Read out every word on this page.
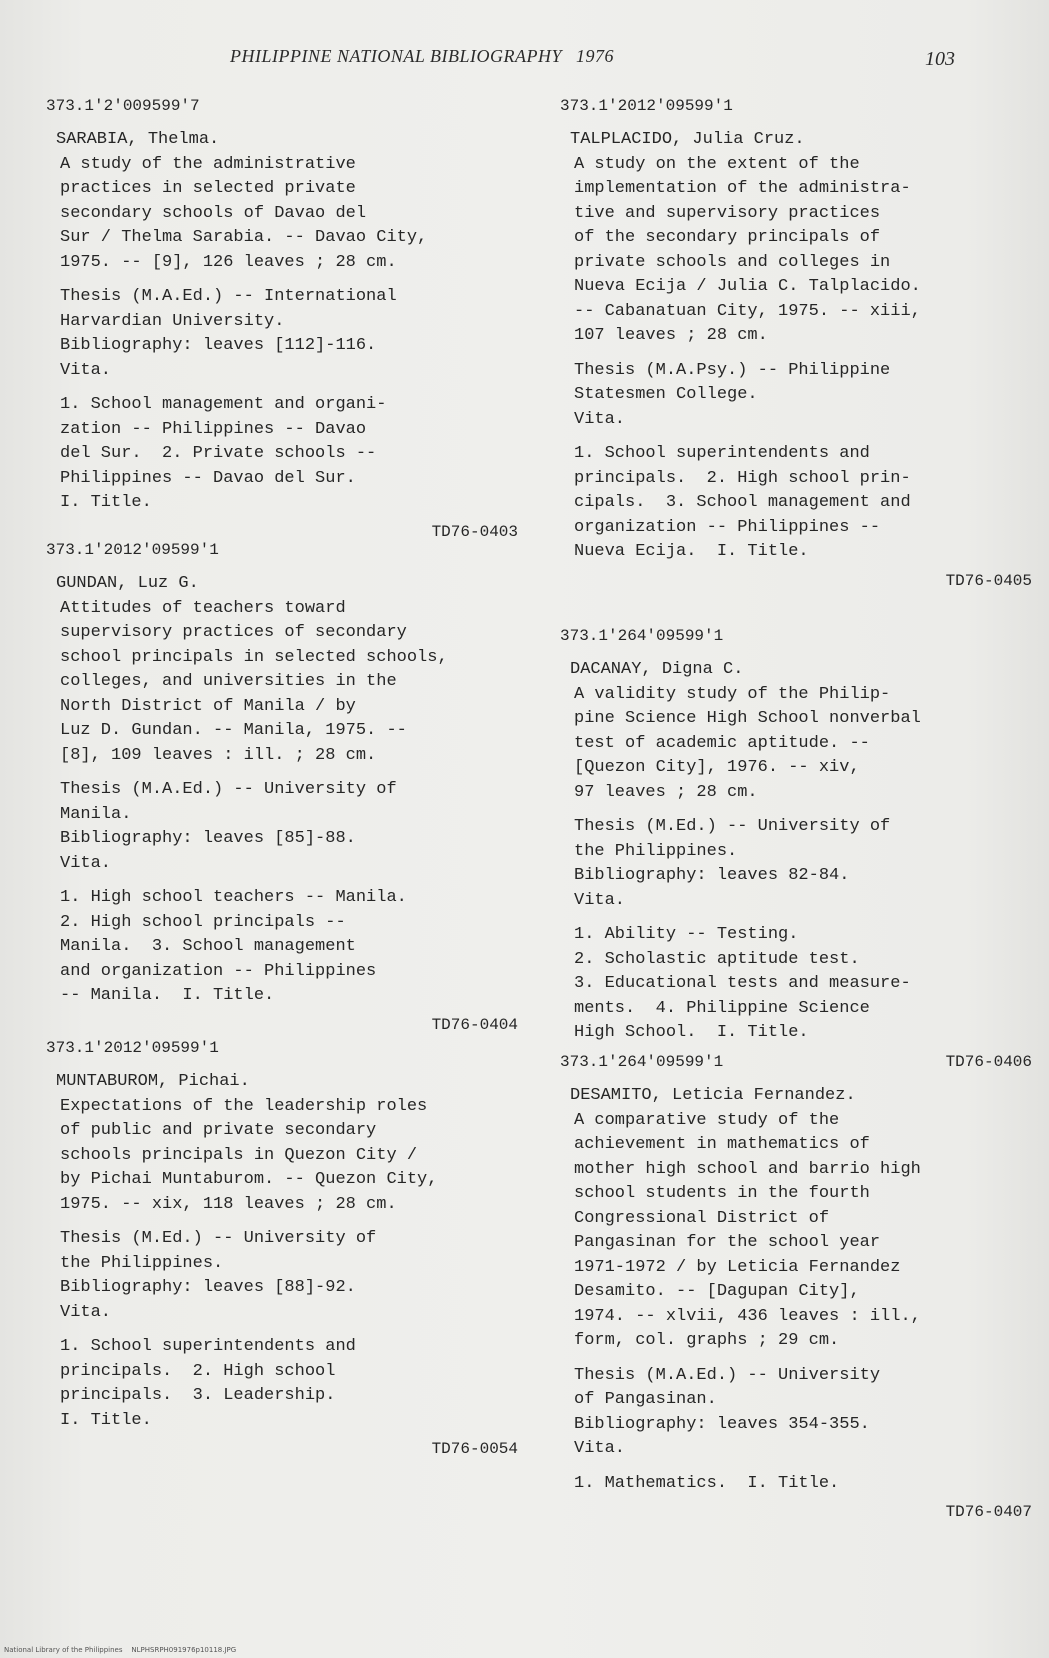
PHILIPPINE NATIONAL BIBLIOGRAPHY 1976	103
373.1'2'009599'7
SARABIA, Thelma.
A study of the administrative
practices in selected private
secondary schools of Davao del
Sur / Thelma Sarabia. -- Davao City,
1975. -- [9], 126 leaves ; 28 cm.
Thesis (M.A.Ed.) -- International
Harvardian University.
Bibliography: leaves [112]-116.
Vita.
1. School management and organi-
zation -- Philippines -- Davao
del Sur.  2. Private schools --
Philippines -- Davao del Sur.
I. Title.
TD76-0403
373.1'2012'09599'1
GUNDAN, Luz G.
Attitudes of teachers toward
supervisory practices of secondary
school principals in selected schools,
colleges, and universities in the
North District of Manila / by
Luz D. Gundan. -- Manila, 1975. --
[8], 109 leaves : ill. ; 28 cm.
Thesis (M.A.Ed.) -- University of
Manila.
Bibliography: leaves [85]-88.
Vita.
1. High school teachers -- Manila.
2. High school principals --
Manila.  3. School management
and organization -- Philippines
-- Manila.  I. Title.
TD76-0404
373.1'2012'09599'1
MUNTABUROM, Pichai.
Expectations of the leadership roles
of public and private secondary
schools principals in Quezon City /
by Pichai Muntaburom. -- Quezon City,
1975. -- xix, 118 leaves ; 28 cm.
Thesis (M.Ed.) -- University of
the Philippines.
Bibliography: leaves [88]-92.
Vita.
1. School superintendents and
principals.  2. High school
principals.  3. Leadership.
I. Title.
TD76-0054
373.1'2012'09599'1
TALPLACIDO, Julia Cruz.
A study on the extent of the
implementation of the administra-
tive and supervisory practices
of the secondary principals of
private schools and colleges in
Nueva Ecija / Julia C. Talplacido.
-- Cabanatuan City, 1975. -- xiii,
107 leaves ; 28 cm.
Thesis (M.A.Psy.) -- Philippine
Statesmen College.
Vita.
1. School superintendents and
principals.  2. High school prin-
cipals.  3. School management and
organization -- Philippines --
Nueva Ecija.  I. Title.
TD76-0405
373.1'264'09599'1
DACANAY, Digna C.
A validity study of the Philip-
pine Science High School nonverbal
test of academic aptitude. --
[Quezon City], 1976. -- xiv,
97 leaves ; 28 cm.
Thesis (M.Ed.) -- University of
the Philippines.
Bibliography: leaves 82-84.
Vita.
1. Ability -- Testing.
2. Scholastic aptitude test.
3. Educational tests and measure-
ments.  4. Philippine Science
High School.  I. Title.
TD76-0406
373.1'264'09599'1
DESAMITO, Leticia Fernandez.
A comparative study of the
achievement in mathematics of
mother high school and barrio high
school students in the fourth
Congressional District of
Pangasinan for the school year
1971-1972 / by Leticia Fernandez
Desamito. -- [Dagupan City],
1974. -- xlvii, 436 leaves : ill.,
form, col. graphs ; 29 cm.
Thesis (M.A.Ed.) -- University
of Pangasinan.
Bibliography: leaves 354-355.
Vita.
1. Mathematics.  I. Title.
TD76-0407
National Library of the Philippines    NLPHSRPH091976p10118.JPG
